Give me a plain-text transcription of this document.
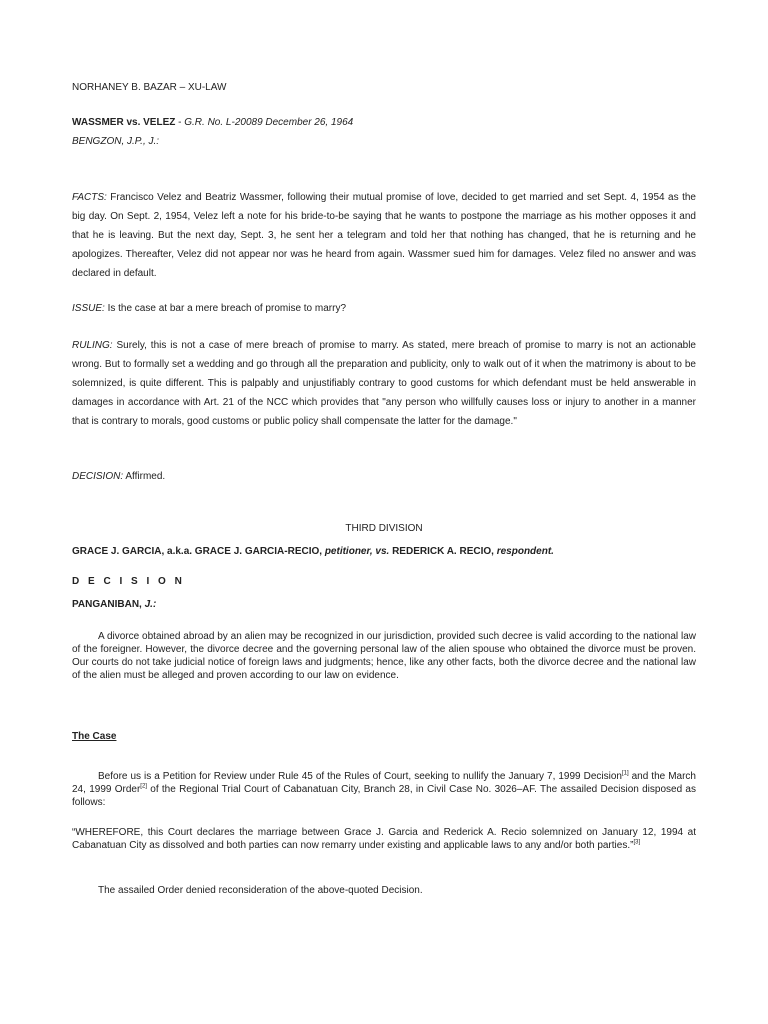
NORHANEY B. BAZAR – XU-LAW

WASSMER vs. VELEZ - G.R. No. L-20089 December 26, 1964

BENGZON, J.P., J.:

FACTS: Francisco Velez and Beatriz Wassmer, following their mutual promise of love, decided to get married and set Sept. 4, 1954 as the big day. On Sept. 2, 1954, Velez left a note for his bride-to-be saying that he wants to postpone the marriage as his mother opposes it and that he is leaving. But the next day, Sept. 3, he sent her a telegram and told her that nothing has changed, that he is returning and he apologizes. Thereafter, Velez did not appear nor was he heard from again. Wassmer sued him for damages. Velez filed no answer and was declared in default.

ISSUE: Is the case at bar a mere breach of promise to marry?

RULING: Surely, this is not a case of mere breach of promise to marry. As stated, mere breach of promise to marry is not an actionable wrong. But to formally set a wedding and go through all the preparation and publicity, only to walk out of it when the matrimony is about to be solemnized, is quite different. This is palpably and unjustifiably contrary to good customs for which defendant must be held answerable in damages in accordance with Art. 21 of the NCC which provides that "any person who willfully causes loss or injury to another in a manner that is contrary to morals, good customs or public policy shall compensate the latter for the damage."

DECISION: Affirmed.

THIRD DIVISION

GRACE J. GARCIA, a.k.a. GRACE J. GARCIA-RECIO, petitioner, vs. REDERICK A. RECIO, respondent.

D E C I S I O N

PANGANIBAN, J.:

A divorce obtained abroad by an alien may be recognized in our jurisdiction, provided such decree is valid according to the national law of the foreigner. However, the divorce decree and the governing personal law of the alien spouse who obtained the divorce must be proven. Our courts do not take judicial notice of foreign laws and judgments; hence, like any other facts, both the divorce decree and the national law of the alien must be alleged and proven according to our law on evidence.

The Case

Before us is a Petition for Review under Rule 45 of the Rules of Court, seeking to nullify the January 7, 1999 Decision[1] and the March 24, 1999 Order[2] of the Regional Trial Court of Cabanatuan City, Branch 28, in Civil Case No. 3026–AF. The assailed Decision disposed as follows:

“WHEREFORE, this Court declares the marriage between Grace J. Garcia and Rederick A. Recio solemnized on January 12, 1994 at Cabanatuan City as dissolved and both parties can now remarry under existing and applicable laws to any and/or both parties.”[3]

The assailed Order denied reconsideration of the above-quoted Decision.
